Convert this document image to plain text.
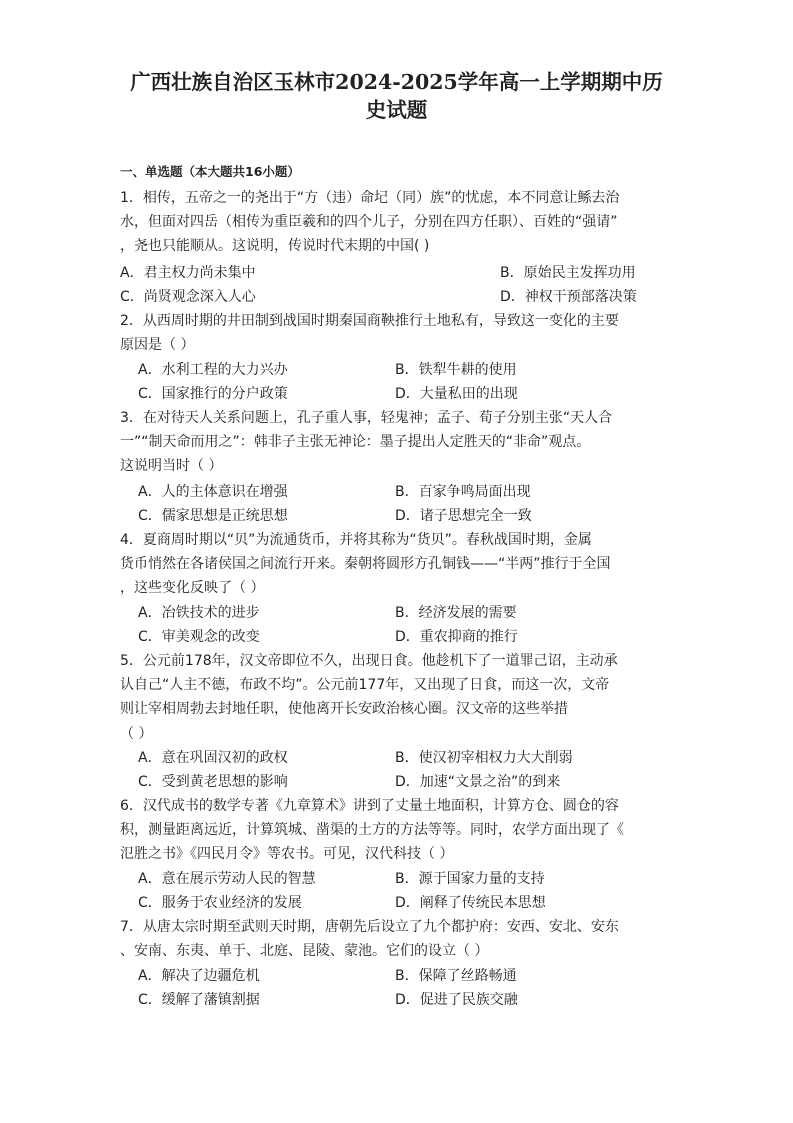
广西壮族自治区玉林市2024-2025学年高一上学期期中历
史试题
一、单选题（本大题共16小题）

1．相传，五帝之一的尧出于“方（违）命圮（同）族”的忧虑，本不同意让鲧去治

水，但面对四岳（相传为重臣羲和的四个儿子，分别在四方任职）、百姓的“强请”

，尧也只能顺从。这说明，传说时代末期的中国( )

A．君主权力尚未集中	B．原始民主发挥功用
C．尚贤观念深入人心	D．神权干预部落决策

2．从西周时期的井田制到战国时期秦国商鞅推行土地私有，导致这一变化的主要

原因是（ ）

A．水利工程的大力兴办	B．铁犁牛耕的使用
C．国家推行的分户政策	D．大量私田的出现

3．在对待天人关系问题上，孔子重人事，轻鬼神；孟子、荀子分别主张“天人合

一”“制天命而用之”：韩非子主张无神论：墨子提出人定胜天的“非命”观点。

这说明当时（ ）

A．人的主体意识在增强	B．百家争鸣局面出现
C．儒家思想是正统思想	D．诸子思想完全一致

4．夏商周时期以“贝”为流通货币，并将其称为“货贝”。春秋战国时期，金属

货币悄然在各诸侯国之间流行开来。秦朝将圆形方孔铜钱——“半两”推行于全国

，这些变化反映了（ ）

A．冶铁技术的进步	B．经济发展的需要
C．审美观念的改变	D．重农抑商的推行

5．公元前178年，汉文帝即位不久，出现日食。他趁机下了一道罪己诏，主动承

认自己“人主不德，布政不均”。公元前177年，又出现了日食，而这一次，文帝

则让宰相周勃去封地任职，使他离开长安政治核心圈。汉文帝的这些举措

（ ）

A．意在巩固汉初的政权	B．使汉初宰相权力大大削弱
C．受到黄老思想的影响	D．加速“文景之治”的到来

6．汉代成书的数学专著《九章算术》讲到了丈量土地面积，计算方仓、圆仓的容

积，测量距离远近，计算筑城、凿渠的土方的方法等等。同时，农学方面出现了《

氾胜之书》《四民月令》等农书。可见，汉代科技（ ）

A．意在展示劳动人民的智慧	B．源于国家力量的支持
C．服务于农业经济的发展	D．阐释了传统民本思想

7．从唐太宗时期至武则天时期，唐朝先后设立了九个都护府：安西、安北、安东

、安南、东夷、单于、北庭、昆陵、蒙池。它们的设立（ ）

A．解决了边疆危机	B．保障了丝路畅通
C．缓解了藩镇割据	D．促进了民族交融
